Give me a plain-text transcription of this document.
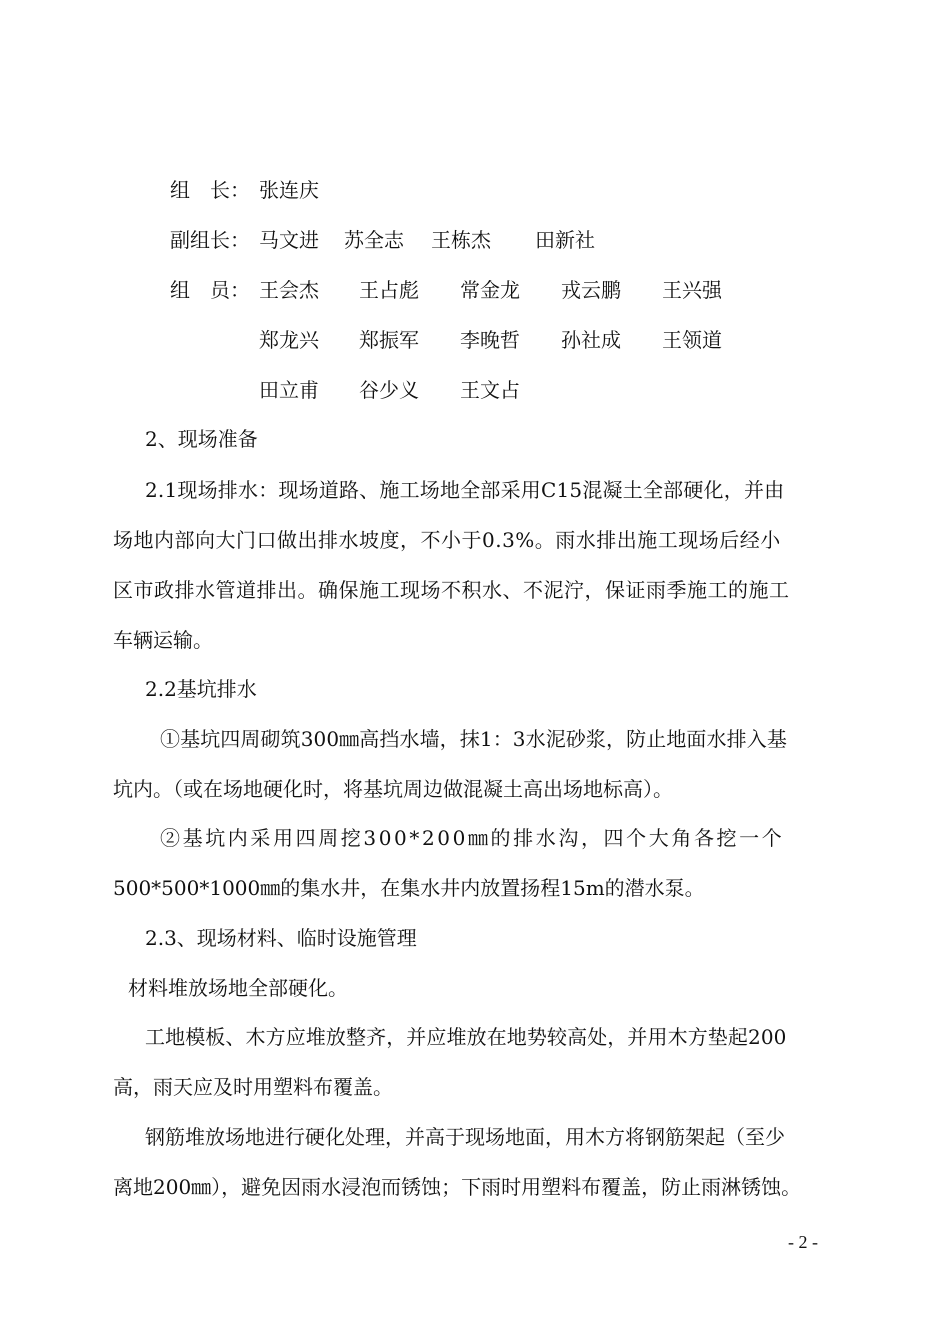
组　长： 张连庆
副组长： 马文进 苏全志 王栋杰 田新社
组　员： 王会杰 王占彪 常金龙 戎云鹏 王兴强
郑龙兴 郑振军 李晚哲 孙社成 王领道
田立甫 谷少义 王文占
2、现场准备
2.1现场排水：现场道路、施工场地全部采用C15混凝土全部硬化，并由
场地内部向大门口做出排水坡度，不小于0.3%。雨水排出施工现场后经小
区市政排水管道排出。确保施工现场不积水、不泥泞，保证雨季施工的施工
车辆运输。
2.2基坑排水
①基坑四周砌筑300㎜高挡水墙，抹1：3水泥砂浆，防止地面水排入基
坑内。（或在场地硬化时，将基坑周边做混凝土高出场地标高）。
②基坑内采用四周挖300*200㎜的排水沟，四个大角各挖一个
500*500*1000㎜的集水井，在集水井内放置扬程15m的潜水泵。
2.3、现场材料、临时设施管理
材料堆放场地全部硬化。
工地模板、木方应堆放整齐，并应堆放在地势较高处，并用木方垫起200
高，雨天应及时用塑料布覆盖。
钢筋堆放场地进行硬化处理，并高于现场地面，用木方将钢筋架起（至少
离地200㎜），避免因雨水浸泡而锈蚀；下雨时用塑料布覆盖，防止雨淋锈蚀。
- 2 -
